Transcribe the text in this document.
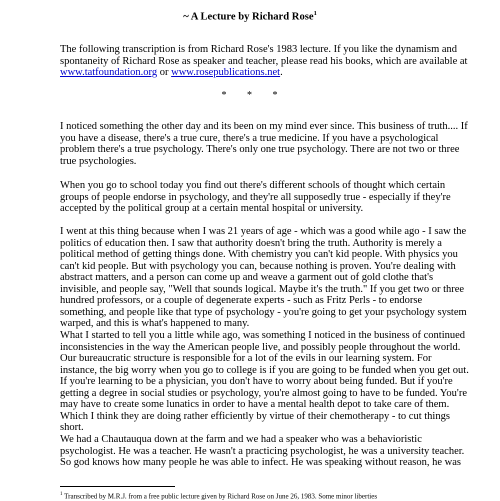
~ A Lecture by Richard Rose$^1$
The following transcription is from Richard Rose's 1983 lecture. If you like the dynamism and
spontaneity of Richard Rose as speaker and teacher, please read his books, which are available at
www.tatfoundation.org or www.rosepublications.net.
* * *
I noticed something the other day and its been on my mind ever since. This business of truth.... If
you have a disease, there's a true cure, there's a true medicine. If you have a psychological
problem there's a true psychology. There's only one true psychology. There are not two or three
true psychologies.
When you go to school today you find out there's different schools of thought which certain
groups of people endorse in psychology, and they're all supposedly true - especially if they're
accepted by the political group at a certain mental hospital or university.
I went at this thing because when I was 21 years of age - which was a good while ago - I saw the
politics of education then. I saw that authority doesn't bring the truth. Authority is merely a
political method of getting things done. With chemistry you can't kid people. With physics you
can't kid people. But with psychology you can, because nothing is proven. You're dealing with
abstract matters, and a person can come up and weave a garment out of gold clothe that's
invisible, and people say, "Well that sounds logical. Maybe it's the truth." If you get two or three
hundred professors, or a couple of degenerate experts - such as Fritz Perls - to endorse
something, and people like that type of psychology - you're going to get your psychology system
warped, and this is what's happened to many.
What I started to tell you a little while ago, was something I noticed in the business of continued
inconsistencies in the way the American people live, and possibly people throughout the world.
Our bureaucratic structure is responsible for a lot of the evils in our learning system. For
instance, the big worry when you go to college is if you are going to be funded when you get out.
If you're learning to be a physician, you don't have to worry about being funded. But if you're
getting a degree in social studies or psychology, you're almost going to have to be funded. You're
may have to create some lunatics in order to have a mental health depot to take care of them.
Which I think they are doing rather efficiently by virtue of their chemotherapy - to cut things
short.
We had a Chautauqua down at the farm and we had a speaker who was a behavioristic
psychologist. He was a teacher. He wasn't a practicing psychologist, he was a university teacher.
So god knows how many people he was able to infect. He was speaking without reason, he was
$^1$ Transcribed by M.R.J. from a free public lecture given by Richard Rose on June 26, 1983. Some minor liberties
